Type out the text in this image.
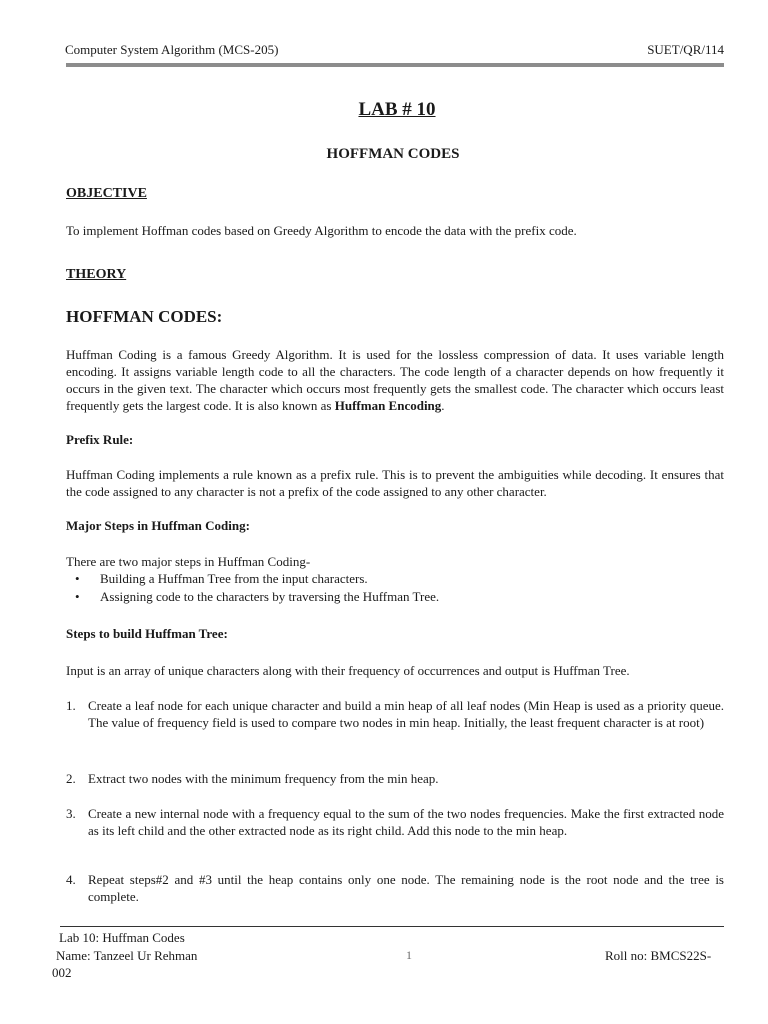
Computer System Algorithm (MCS-205)	SUET/QR/114
LAB # 10
HOFFMAN CODES
OBJECTIVE
To implement Hoffman codes based on Greedy Algorithm to encode the data with the prefix code.
THEORY
HOFFMAN CODES:
Huffman Coding is a famous Greedy Algorithm. It is used for the lossless compression of data. It uses variable length encoding. It assigns variable length code to all the characters. The code length of a character depends on how frequently it occurs in the given text. The character which occurs most frequently gets the smallest code. The character which occurs least frequently gets the largest code. It is also known as Huffman Encoding.
Prefix Rule:
Huffman Coding implements a rule known as a prefix rule. This is to prevent the ambiguities while decoding. It ensures that the code assigned to any character is not a prefix of the code assigned to any other character.
Major Steps in Huffman Coding:
There are two major steps in Huffman Coding-
• Building a Huffman Tree from the input characters.
• Assigning code to the characters by traversing the Huffman Tree.
Steps to build Huffman Tree:
Input is an array of unique characters along with their frequency of occurrences and output is Huffman Tree.
1. Create a leaf node for each unique character and build a min heap of all leaf nodes (Min Heap is used as a priority queue. The value of frequency field is used to compare two nodes in min heap. Initially, the least frequent character is at root)
2. Extract two nodes with the minimum frequency from the min heap.
3. Create a new internal node with a frequency equal to the sum of the two nodes frequencies. Make the first extracted node as its left child and the other extracted node as its right child. Add this node to the min heap.
4. Repeat steps#2 and #3 until the heap contains only one node. The remaining node is the root node and the tree is complete.
Lab 10: Huffman Codes
Name: Tanzeel Ur Rehman	1	Roll no: BMCS22S-
002
